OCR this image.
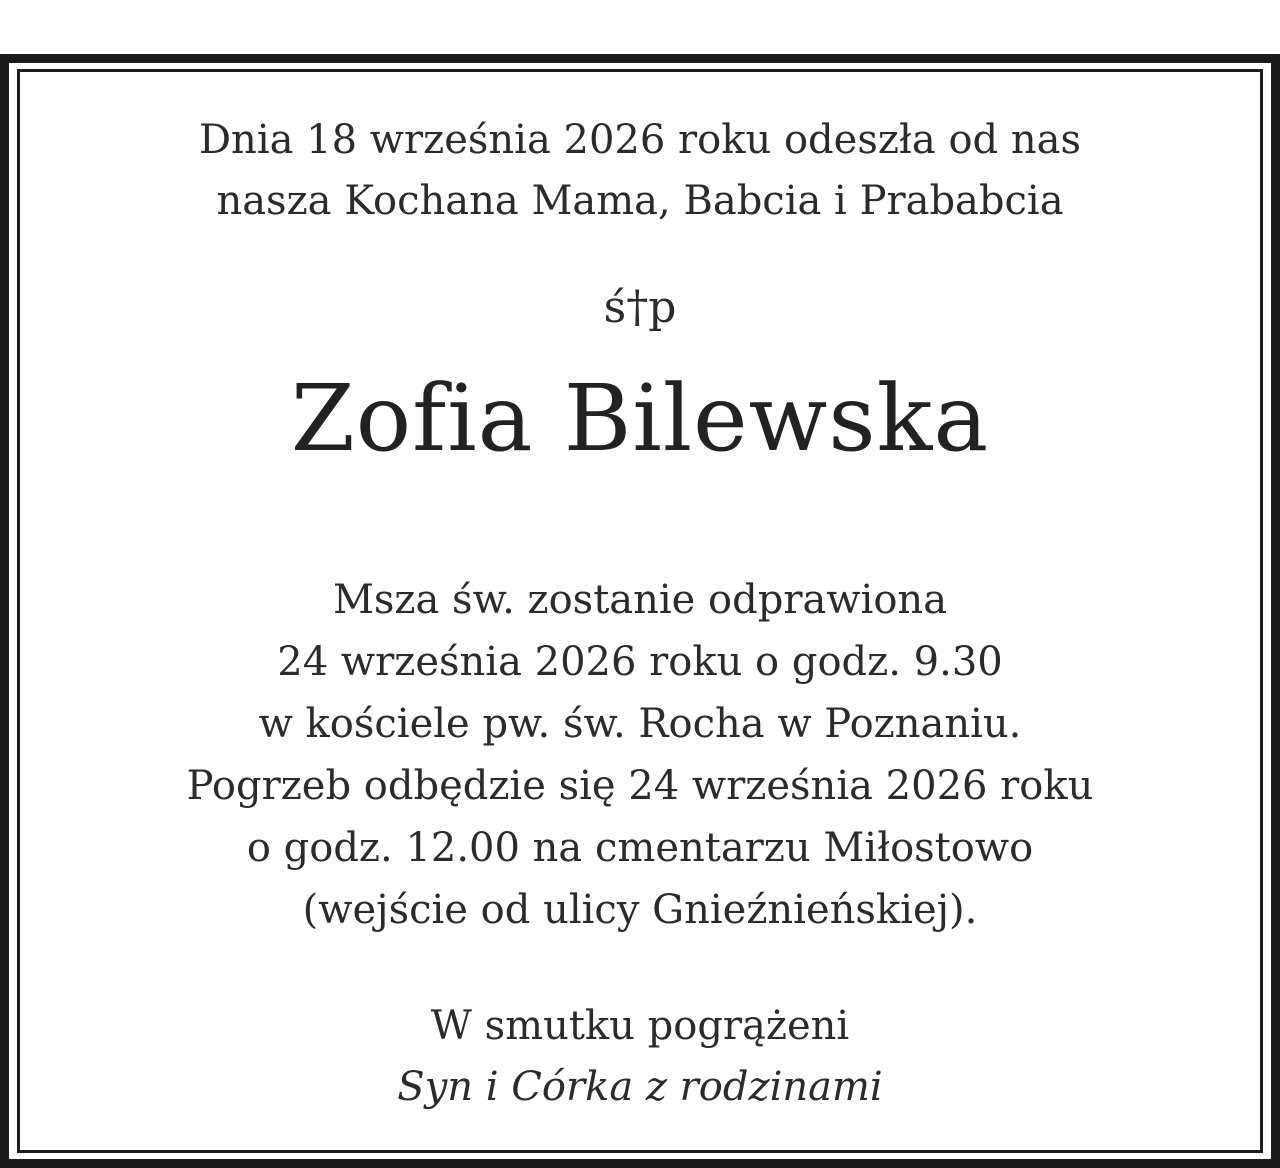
Dnia 18 września 2026 roku odeszła od nas
nasza Kochana Mama, Babcia i Prababcia
ś†p
Zofia Bilewska
Msza św. zostanie odprawiona
24 września 2026 roku o godz. 9.30
w kościele pw. św. Rocha w Poznaniu.
Pogrzeb odbędzie się 24 września 2026 roku
o godz. 12.00 na cmentarzu Miłostowo
(wejście od ulicy Gnieźnieńskiej).
W smutku pogrążeni
Syn i Córka z rodzinami
